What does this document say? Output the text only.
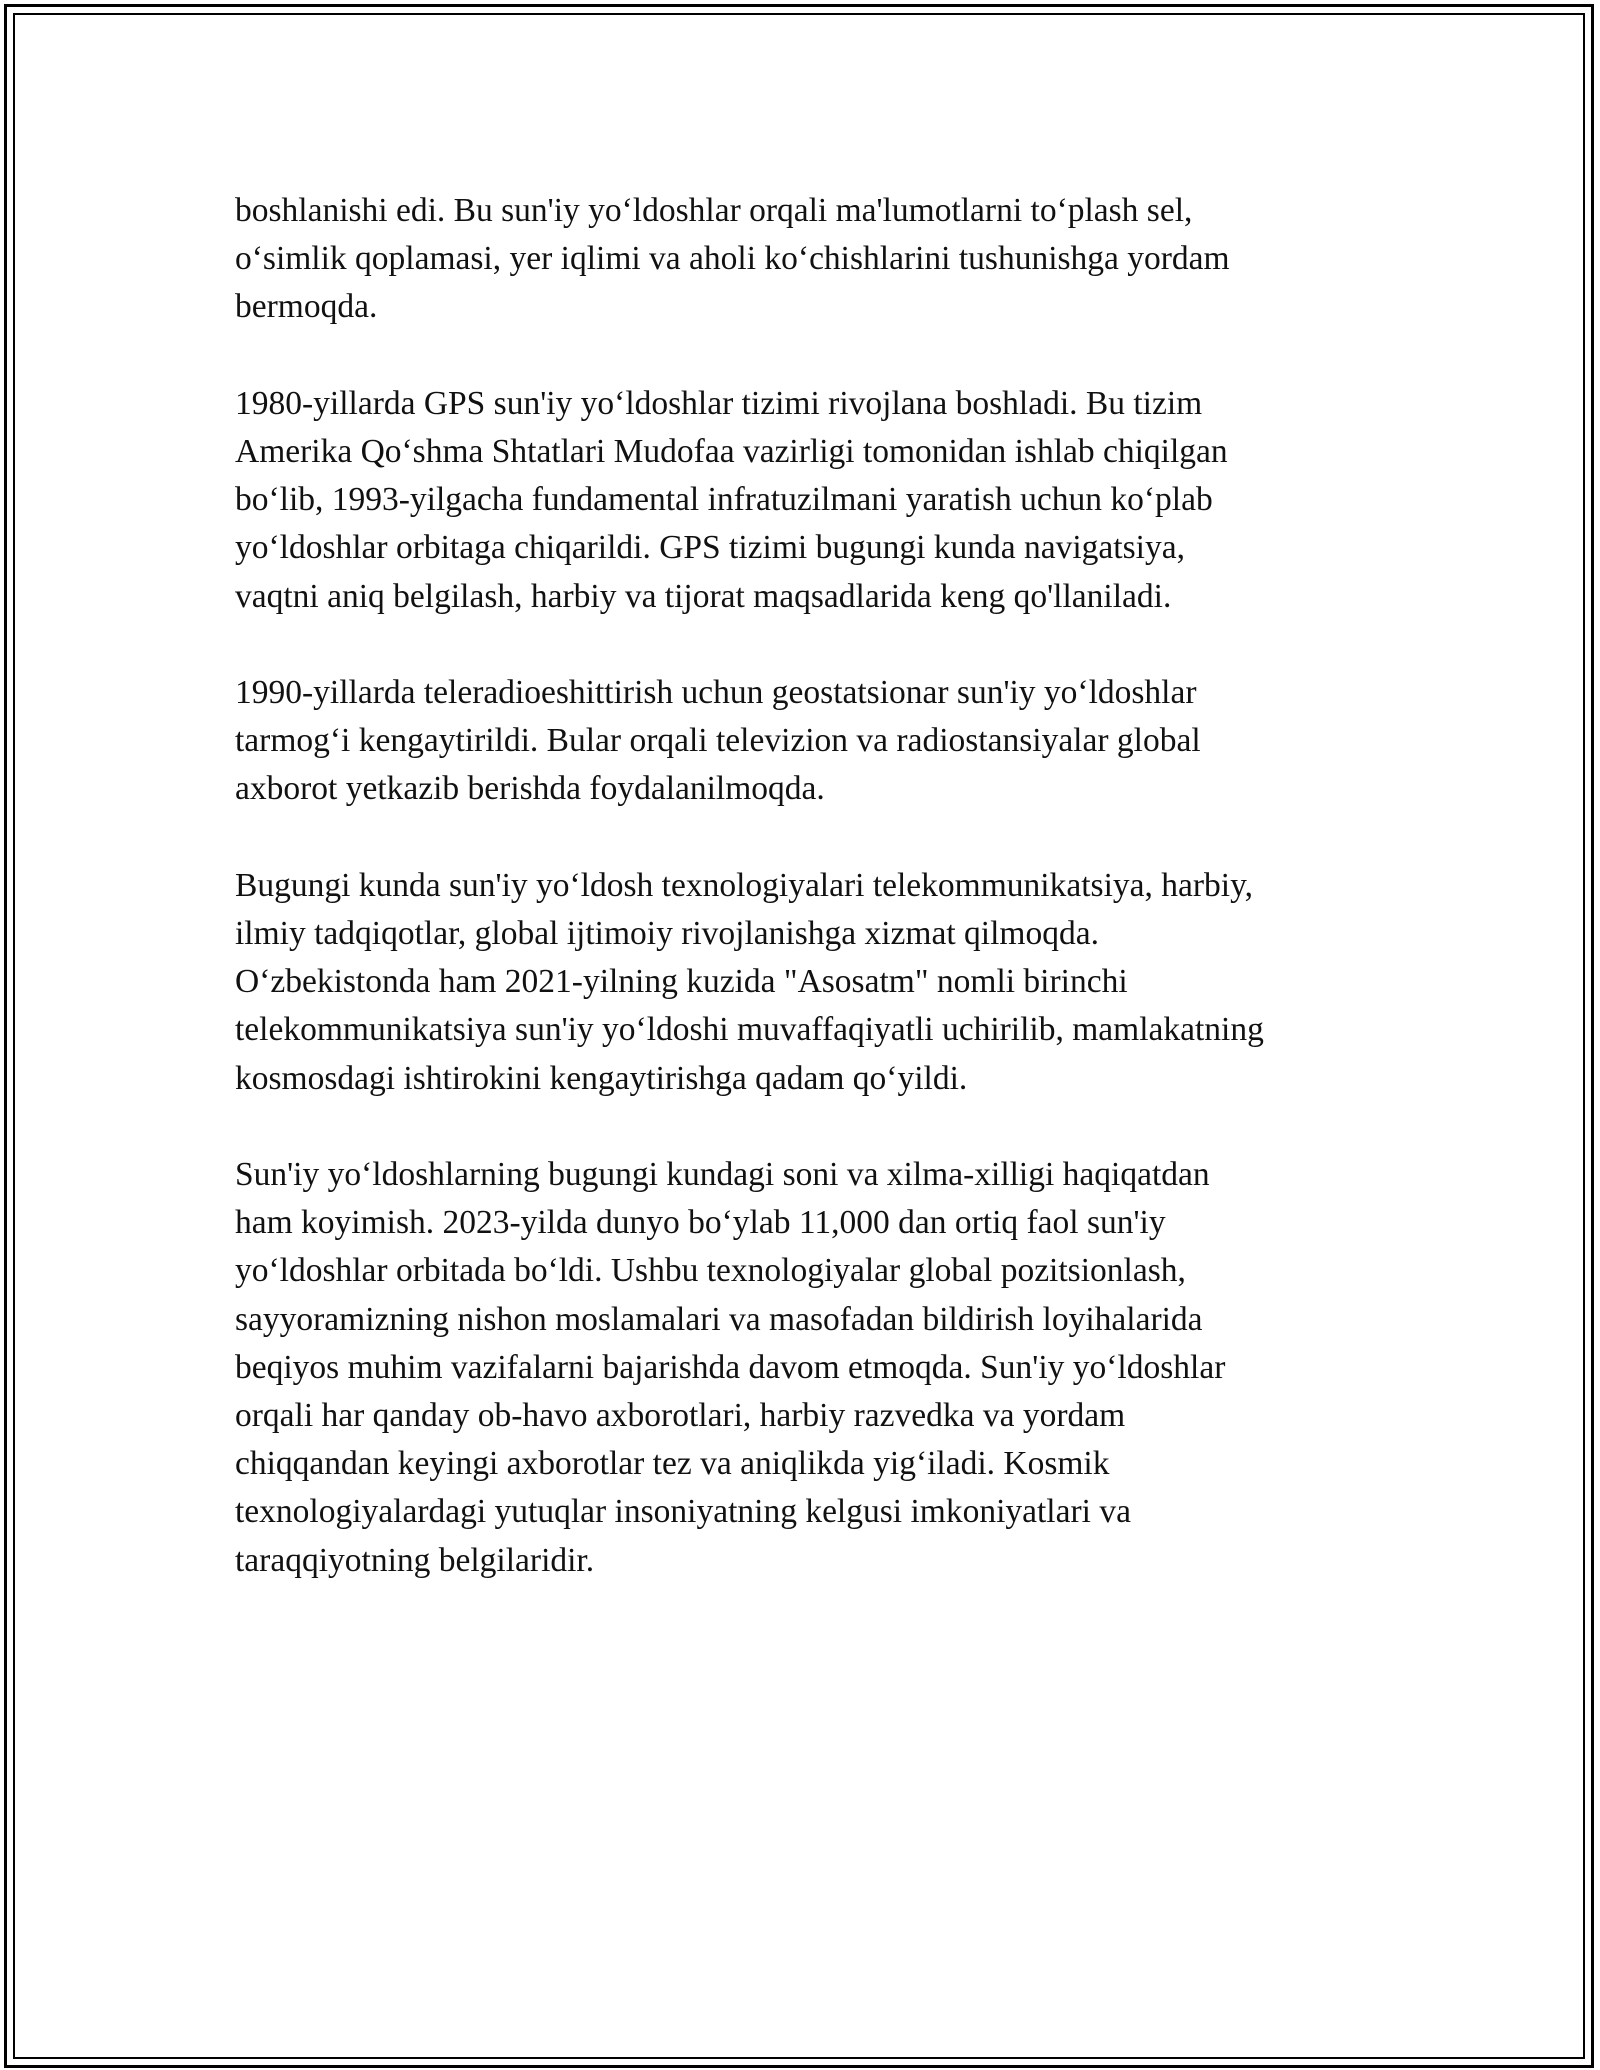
boshlanishi edi. Bu sun'iy yo‘ldoshlar orqali ma'lumotlarni to‘plash sel,
o‘simlik qoplamasi, yer iqlimi va aholi ko‘chishlarini tushunishga yordam
bermoqda.

1980-yillarda GPS sun'iy yo‘ldoshlar tizimi rivojlana boshladi. Bu tizim
Amerika Qo‘shma Shtatlari Mudofaa vazirligi tomonidan ishlab chiqilgan
bo‘lib, 1993-yilgacha fundamental infratuzilmani yaratish uchun ko‘plab
yo‘ldoshlar orbitaga chiqarildi. GPS tizimi bugungi kunda navigatsiya,
vaqtni aniq belgilash, harbiy va tijorat maqsadlarida keng qo'llaniladi.

1990-yillarda teleradioeshittirish uchun geostatsionar sun'iy yo‘ldoshlar
tarmog‘i kengaytirildi. Bular orqali televizion va radiostansiyalar global
axborot yetkazib berishda foydalanilmoqda.

Bugungi kunda sun'iy yo‘ldosh texnologiyalari telekommunikatsiya, harbiy,
ilmiy tadqiqotlar, global ijtimoiy rivojlanishga xizmat qilmoqda.
O‘zbekistonda ham 2021-yilning kuzida "Asosatm" nomli birinchi
telekommunikatsiya sun'iy yo‘ldoshi muvaffaqiyatli uchirilib, mamlakatning
kosmosdagi ishtirokini kengaytirishga qadam qo‘yildi.

Sun'iy yo‘ldoshlarning bugungi kundagi soni va xilma-xilligi haqiqatdan
ham koyimish. 2023-yilda dunyo bo‘ylab 11,000 dan ortiq faol sun'iy
yo‘ldoshlar orbitada bo‘ldi. Ushbu texnologiyalar global pozitsionlash,
sayyoramizning nishon moslamalari va masofadan bildirish loyihalarida
beqiyos muhim vazifalarni bajarishda davom etmoqda. Sun'iy yo‘ldoshlar
orqali har qanday ob-havo axborotlari, harbiy razvedka va yordam
chiqqandan keyingi axborotlar tez va aniqlikda yig‘iladi. Kosmik
texnologiyalardagi yutuqlar insoniyatning kelgusi imkoniyatlari va
taraqqiyotning belgilaridir.
